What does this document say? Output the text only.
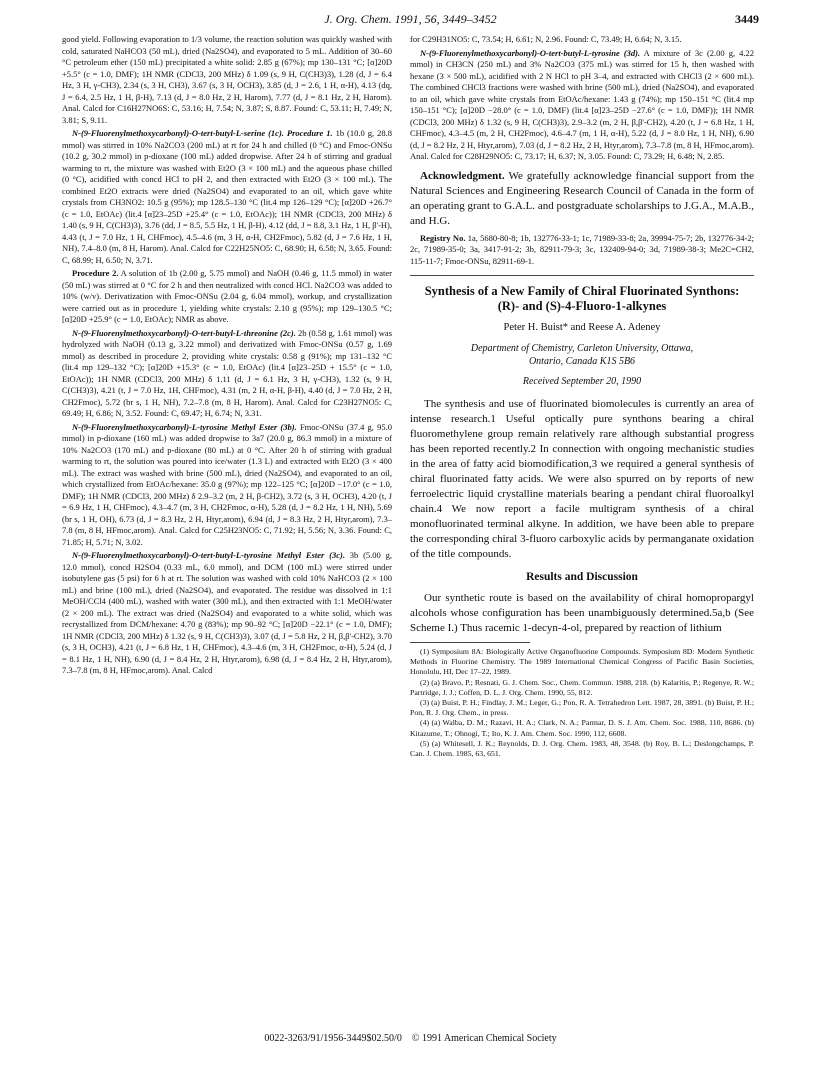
J. Org. Chem. 1991, 56, 3449–3452	3449

good yield. Following evaporation to 1/3 volume, the reaction solution was quickly washed with cold, saturated NaHCO3 (50 mL), dried (Na2SO4), and evaporated to 5 mL. Addition of 30–60 °C petroleum ether (150 mL) precipitated a white solid: 2.85 g (67%); mp 130–131 °C; [α]20D +5.5° (c = 1.0, DMF); 1H NMR (CDCl3, 200 MHz) δ 1.09 (s, 9 H, C(CH3)3), 1.28 (d, J = 6.4 Hz, 3 H, γ-CH3), 2.34 (s, 3 H, CH3), 3.67 (s, 3 H, OCH3), 3.85 (d, J = 2.6, 1 H, α-H), 4.13 (dq, J = 6.4, 2.5 Hz, 1 H, β-H), 7.13 (d, J = 8.0 Hz, 2 H, Harom), 7.77 (d, J = 8.1 Hz, 2 H, Harom). Anal. Calcd for C16H27NO6S: C, 53.16; H, 7.54; N, 3.87; S, 8.87. Found: C, 53.11; H, 7.49; N, 3.81; S, 9.11.

N-(9-Fluorenylmethoxycarbonyl)-O-tert-butyl-L-serine (1c). Procedure 1. 1b (10.0 g, 28.8 mmol) was stirred in 10% Na2CO3 (200 mL) at rt for 24 h and chilled (0 °C) and Fmoc-ONSu (10.2 g, 30.2 mmol) in p-dioxane (100 mL) added dropwise. After 24 h of stirring and gradual warming to rt, the mixture was washed with Et2O (3 × 100 mL) and the aqueous phase chilled (0 °C), acidified with concd HCl to pH 2, and then extracted with Et2O (3 × 100 mL). The combined Et2O extracts were dried (Na2SO4) and evaporated to an oil, which gave white crystals from CH3NO2: 10.5 g (95%); mp 128.5–130 °C (lit.4 mp 126–129 °C); [α]20D +26.7° (c = 1.0, EtOAc) (lit.4 [α]23–25D +25.4° (c = 1.0, EtOAc)); 1H NMR (CDCl3, 200 MHz) δ 1.40 (s, 9 H, C(CH3)3), 3.76 (dd, J = 8.5, 5.5 Hz, 1 H, β-H), 4.12 (dd, J = 8.8, 3.1 Hz, 1 H, β'-H), 4.43 (t, J = 7.0 Hz, 1 H, CHFmoc), 4.5–4.6 (m, 3 H, α-H, CH2Fmoc), 5.82 (d, J = 7.6 Hz, 1 H, NH), 7.4–8.0 (m, 8 H, Harom). Anal. Calcd for C22H25NO5: C, 68.90; H, 6.58; N, 3.65. Found: C, 68.99; H, 6.50; N, 3.71.

Procedure 2. A solution of 1b (2.00 g, 5.75 mmol) and NaOH (0.46 g, 11.5 mmol) in water (50 mL) was stirred at 0 °C for 2 h and then neutralized with concd HCl. Na2CO3 was added to 10% (w/v). Derivatization with Fmoc-ONSu (2.04 g, 6.04 mmol), workup, and crystallization were carried out as in procedure 1, yielding white crystals: 2.10 g (95%); mp 129–130.5 °C; [α]20D +25.9° (c = 1.0, EtOAc); NMR as above.

N-(9-Fluorenylmethoxycarbonyl)-O-tert-butyl-L-threonine (2c). 2b (0.58 g, 1.61 mmol) was hydrolyzed with NaOH (0.13 g, 3.22 mmol) and derivatized with Fmoc-ONSu (0.57 g, 1.69 mmol) as described in procedure 2, providing white crystals: 0.58 g (91%); mp 131–132 °C (lit.4 mp 129–132 °C); [α]20D +15.3° (c = 1.0, EtOAc) (lit.4 [α]23–25D + 15.5° (c = 1.0, EtOAc)); 1H NMR (CDCl3, 200 MHz) δ 1.11 (d, J = 6.1 Hz, 3 H, γ-CH3), 1.32 (s, 9 H, C(CH3)3), 4.21 (t, J = 7.0 Hz, 1H, CHFmoc), 4.31 (m, 2 H, α-H, β-H), 4.40 (d, J = 7.0 Hz, 2 H, CH2Fmoc), 5.72 (br s, 1 H, NH), 7.2–7.8 (m, 8 H, Harom). Anal. Calcd for C23H27NO5: C, 69.49; H, 6.86; N, 3.52. Found: C, 69.47; H, 6.74; N, 3.31.

N-(9-Fluorenylmethoxycarbonyl)-L-tyrosine Methyl Ester (3b). Fmoc-ONSu (37.4 g, 95.0 mmol) in p-dioxane (160 mL) was added dropwise to 3a7 (20.0 g, 86.3 mmol) in a mixture of 10% Na2CO3 (170 mL) and p-dioxane (80 mL) at 0 °C. After 20 h of stirring with gradual warming to rt, the solution was poured into ice/water (1.3 L) and extracted with Et2O (3 × 400 mL). The extract was washed with brine (500 mL), dried (Na2SO4), and evaporated to an oil, which crystallized from EtOAc/hexane: 35.0 g (97%); mp 122–125 °C; [α]20D −17.0° (c = 1.0, DMF); 1H NMR (CDCl3, 200 MHz) δ 2.9–3.2 (m, 2 H, β-CH2), 3.72 (s, 3 H, OCH3), 4.20 (t, J = 6.9 Hz, 1 H, CHFmoc), 4.3–4.7 (m, 3 H, CH2Fmoc, α-H), 5.28 (d, J = 8.2 Hz, 1 H, NH), 5.69 (br s, 1 H, OH), 6.73 (d, J = 8.3 Hz, 2 H, Htyr,arom), 6.94 (d, J = 8.3 Hz, 2 H, Htyr,arom), 7.3–7.8 (m, 8 H, HFmoc,arom). Anal. Calcd for C25H23NO5: C, 71.92; H, 5.56; N, 3.36. Found: C, 71.85; H, 5.71; N, 3.02.

N-(9-Fluorenylmethoxycarbonyl)-O-tert-butyl-L-tyrosine Methyl Ester (3c). 3b (5.00 g, 12.0 mmol), concd H2SO4 (0.33 mL, 6.0 mmol), and DCM (100 mL) were stirred under isobutylene gas (5 psi) for 6 h at rt. The solution was washed with cold 10% NaHCO3 (2 × 100 mL) and brine (100 mL), dried (Na2SO4), and evaporated. The residue was dissolved in 1:1 MeOH/CCl4 (400 mL), washed with water (300 mL), and then extracted with 1:1 MeOH/water (2 × 200 mL). The extract was dried (Na2SO4) and evaporated to a white solid, which was recrystallized from DCM/hexane: 4.70 g (83%); mp 90–92 °C; [α]20D −22.1° (c = 1.0, DMF); 1H NMR (CDCl3, 200 MHz) δ 1.32 (s, 9 H, C(CH3)3), 3.07 (d, J = 5.8 Hz, 2 H, β,β'-CH2), 3.70 (s, 3 H, OCH3), 4.21 (t, J = 6.8 Hz, 1 H, CHFmoc), 4.3–4.6 (m, 3 H, CH2Fmoc, α-H), 5.24 (d, J = 8.1 Hz, 1 H, NH), 6.90 (d, J = 8.4 Hz, 2 H, Htyr,arom), 6.98 (d, J = 8.4 Hz, 2 H, Htyr,arom), 7.3–7.8 (m, 8 H, HFmoc,arom). Anal. Calcd

for C29H31NO5: C, 73.54; H, 6.61; N, 2.96. Found: C, 73.49; H, 6.64; N, 3.15.

N-(9-Fluorenylmethoxycarbonyl)-O-tert-butyl-L-tyrosine (3d). A mixture of 3c (2.00 g, 4.22 mmol) in CH3CN (250 mL) and 3% Na2CO3 (375 mL) was stirred for 15 h, then washed with hexane (3 × 500 mL), acidified with 2 N HCl to pH 3–4, and extracted with CHCl3 (2 × 600 mL). The combined CHCl3 fractions were washed with brine (500 mL), dried (Na2SO4), and evaporated to an oil, which gave white crystals from EtOAc/hexane: 1.43 g (74%); mp 150–151 °C (lit.4 mp 150–151 °C); [α]20D −28.0° (c = 1.0, DMF) (lit.4 [α]23–25D −27.6° (c = 1.0, DMF)); 1H NMR (CDCl3, 200 MHz) δ 1.32 (s, 9 H, C(CH3)3), 2.9–3.2 (m, 2 H, β,β'-CH2), 4.20 (t, J = 6.8 Hz, 1 H, CHFmoc), 4.3–4.5 (m, 2 H, CH2Fmoc), 4.6–4.7 (m, 1 H, α-H), 5.22 (d, J = 8.0 Hz, 1 H, NH), 6.90 (d, J = 8.2 Hz, 2 H, Htyr,arom), 7.03 (d, J = 8.2 Hz, 2 H, Htyr,arom), 7.3–7.8 (m, 8 H, HFmoc,arom). Anal. Calcd for C28H29NO5: C, 73.17; H, 6.37; N, 3.05. Found: C, 73.29; H, 6.48; N, 2.85.

Acknowledgment. We gratefully acknowledge financial support from the Natural Sciences and Engineering Research Council of Canada in the form of an operating grant to G.A.L. and postgraduate scholarships to J.G.A., M.A.B., and H.G.

Registry No. 1a, 5680-80-8; 1b, 132776-33-1; 1c, 71989-33-8; 2a, 39994-75-7; 2b, 132776-34-2; 2c, 71989-35-0; 3a, 3417-91-2; 3b, 82911-79-3; 3c, 132409-94-0; 3d, 71989-38-3; Me2C=CH2, 115-11-7; Fmoc-ONSu, 82911-69-1.

Synthesis of a New Family of Chiral Fluorinated Synthons: (R)- and (S)-4-Fluoro-1-alkynes
Peter H. Buist* and Reese A. Adeney
Department of Chemistry, Carleton University, Ottawa,
Ontario, Canada K1S 5B6
Received September 20, 1990

The synthesis and use of fluorinated biomolecules is currently an area of intense research.1 Useful optically pure synthons bearing a chiral fluoromethylene group remain relatively rare although substantial progress has been reported recently.2 In connection with ongoing mechanistic studies in the area of fatty acid biomodification,3 we required a general synthesis of chiral fluorinated fatty acids. We were also spurred on by reports of new ferroelectric liquid crystalline materials bearing a pendant chiral fluoroalkyl chain.4 We now report a facile multigram synthesis of a chiral monofluorinated terminal alkyne. In addition, we have been able to prepare the corresponding chiral 3-fluoro carboxylic acids by permanganate oxidation of the title compounds.

Results and Discussion

Our synthetic route is based on the availability of chiral homopropargyl alcohols whose configuration has been unambiguously determined.5a,b (See Scheme I.) Thus racemic 1-decyn-4-ol, prepared by reaction of lithium

(1) Symposium 8A: Biologically Active Organofluorine Compounds. Symposium 8D: Modern Synthetic Methods in Fluorine Chemistry. The 1989 International Chemical Congress of Pacific Basin Societies, Honolulu, HI, Dec 17–22, 1989.

(2) (a) Bravo, P.; Resnati, G. J. Chem. Soc., Chem. Commun. 1988, 218. (b) Kalaritis, P.; Regenye, R. W.; Partridge, J. J.; Coffen, D. L. J. Org. Chem. 1990, 55, 812.

(3) (a) Buist, P. H.; Findlay, J. M.; Leger, G.; Pon, R. A. Tetrahedron Lett. 1987, 28, 3891. (b) Buist, P. H.; Pon, R. J. Org. Chem., in press.

(4) (a) Walba, D. M.; Razavi, H. A.; Clark, N. A.; Parmar, D. S. J. Am. Chem. Soc. 1988, 110, 8686. (b) Kitazume, T.; Ohnogi, T.; Ito, K. J. Am. Chem. Soc. 1990, 112, 6608.

(5) (a) Whitesell, J. K.; Reynolds, D. J. Org. Chem. 1983, 48, 3548. (b) Roy, B. L.; Deslongchamps, P. Can. J. Chem. 1985, 63, 651.

0022-3263/91/1956-3449$02.50/0 © 1991 American Chemical Society
